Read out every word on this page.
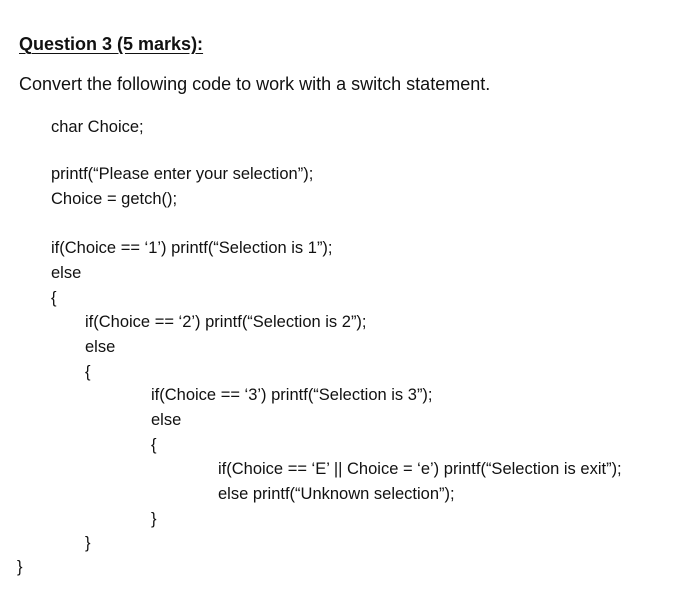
Question 3 (5 marks):
Convert the following code to work with a switch statement.
char Choice;
printf(“Please enter your selection”);
Choice = getch();
if(Choice == ‘1’) printf(“Selection is 1”);
else
{
if(Choice == ‘2’) printf(“Selection is 2”);
else
{
if(Choice == ‘3’) printf(“Selection is 3”);
else
{
if(Choice == ‘E’ || Choice = ‘e’) printf(“Selection is exit”);
else printf(“Unknown selection”);
}
}
}
